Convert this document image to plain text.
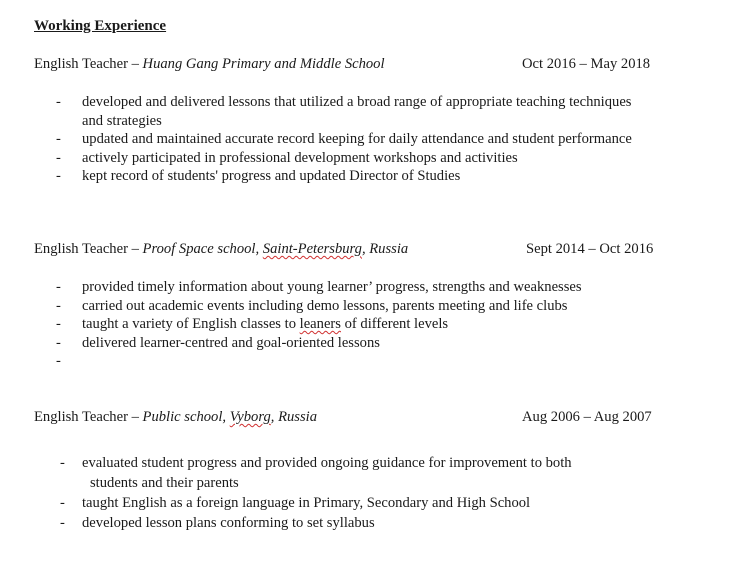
Working Experience
English Teacher – Huang Gang Primary and Middle School	Oct 2016 – May 2018
- developed and delivered lessons that utilized a broad range of appropriate teaching techniques and strategies
- updated and maintained accurate record keeping for daily attendance and student performance
- actively participated in professional development workshops and activities
- kept record of students' progress and updated Director of Studies
English Teacher – Proof Space school, Saint-Petersburg, Russia	Sept 2014 – Oct 2016
- provided timely information about young learner’ progress, strengths and weaknesses
- carried out academic events including demo lessons, parents meeting and life clubs
- taught a variety of English classes to leaners of different levels
- delivered learner-centred and goal-oriented lessons
-

English Teacher – Public school, Vyborg, Russia	Aug 2006 – Aug 2007
- evaluated student progress and provided ongoing guidance for improvement to both
students and their parents
- taught English as a foreign language in Primary, Secondary and High School
- developed lesson plans conforming to set syllabus
